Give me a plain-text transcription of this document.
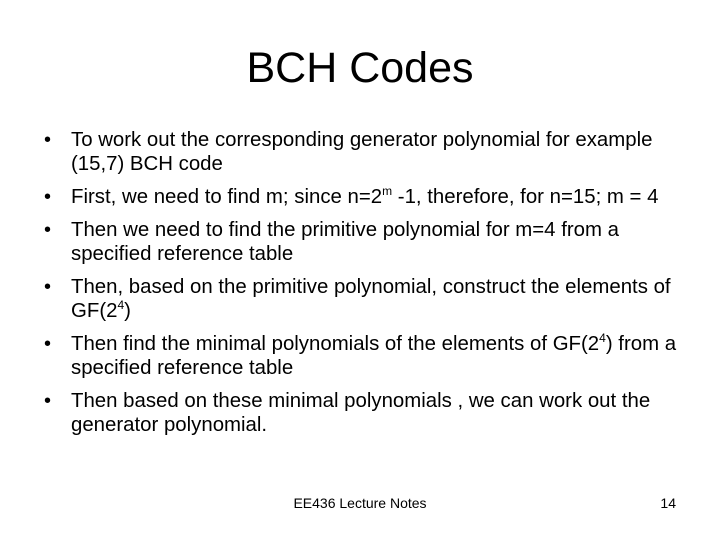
BCH Codes
• To work out the corresponding generator polynomial for example (15,7) BCH code
• First, we need to find m; since $n=2^m$ -1, therefore, for n=15; m = 4
• Then we need to find the primitive polynomial for m=4 from a specified reference table
• Then, based on the primitive polynomial, construct the elements of $GF(2^4)$
• Then find the minimal polynomials of the elements of $GF(2^4)$ from a specified reference table
• Then based on these minimal polynomials , we can work out the generator polynomial.
EE436 Lecture Notes	14
